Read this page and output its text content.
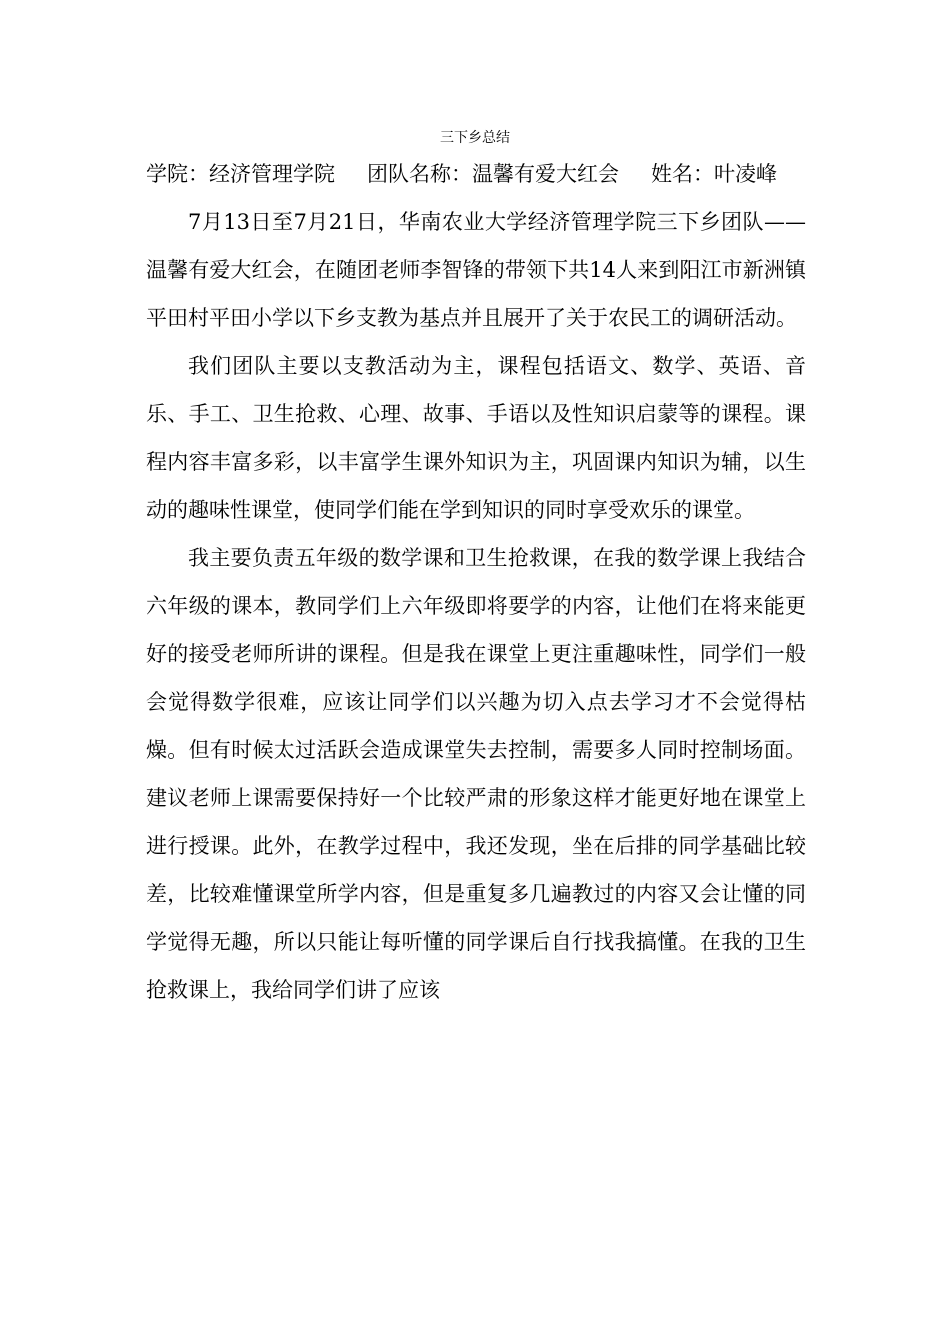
三下乡总结

学院：经济管理学院 团队名称：温馨有爱大红会 姓名：叶凌峰

7月13日至7月21日，华南农业大学经济管理学院三下乡团队——温馨有爱大红会，在随团老师李智锋的带领下共14人来到阳江市新洲镇平田村平田小学以下乡支教为基点并且展开了关于农民工的调研活动。

我们团队主要以支教活动为主，课程包括语文、数学、英语、音乐、手工、卫生抢救、心理、故事、手语以及性知识启蒙等的课程。课程内容丰富多彩，以丰富学生课外知识为主，巩固课内知识为辅，以生动的趣味性课堂，使同学们能在学到知识的同时享受欢乐的课堂。

我主要负责五年级的数学课和卫生抢救课，在我的数学课上我结合六年级的课本，教同学们上六年级即将要学的内容，让他们在将来能更好的接受老师所讲的课程。但是我在课堂上更注重趣味性，同学们一般会觉得数学很难，应该让同学们以兴趣为切入点去学习才不会觉得枯燥。但有时候太过活跃会造成课堂失去控制，需要多人同时控制场面。建议老师上课需要保持好一个比较严肃的形象这样才能更好地在课堂上进行授课。此外，在教学过程中，我还发现，坐在后排的同学基础比较差，比较难懂课堂所学内容，但是重复多几遍教过的内容又会让懂的同学觉得无趣，所以只能让每听懂的同学课后自行找我搞懂。在我的卫生抢救课上，我给同学们讲了应该
